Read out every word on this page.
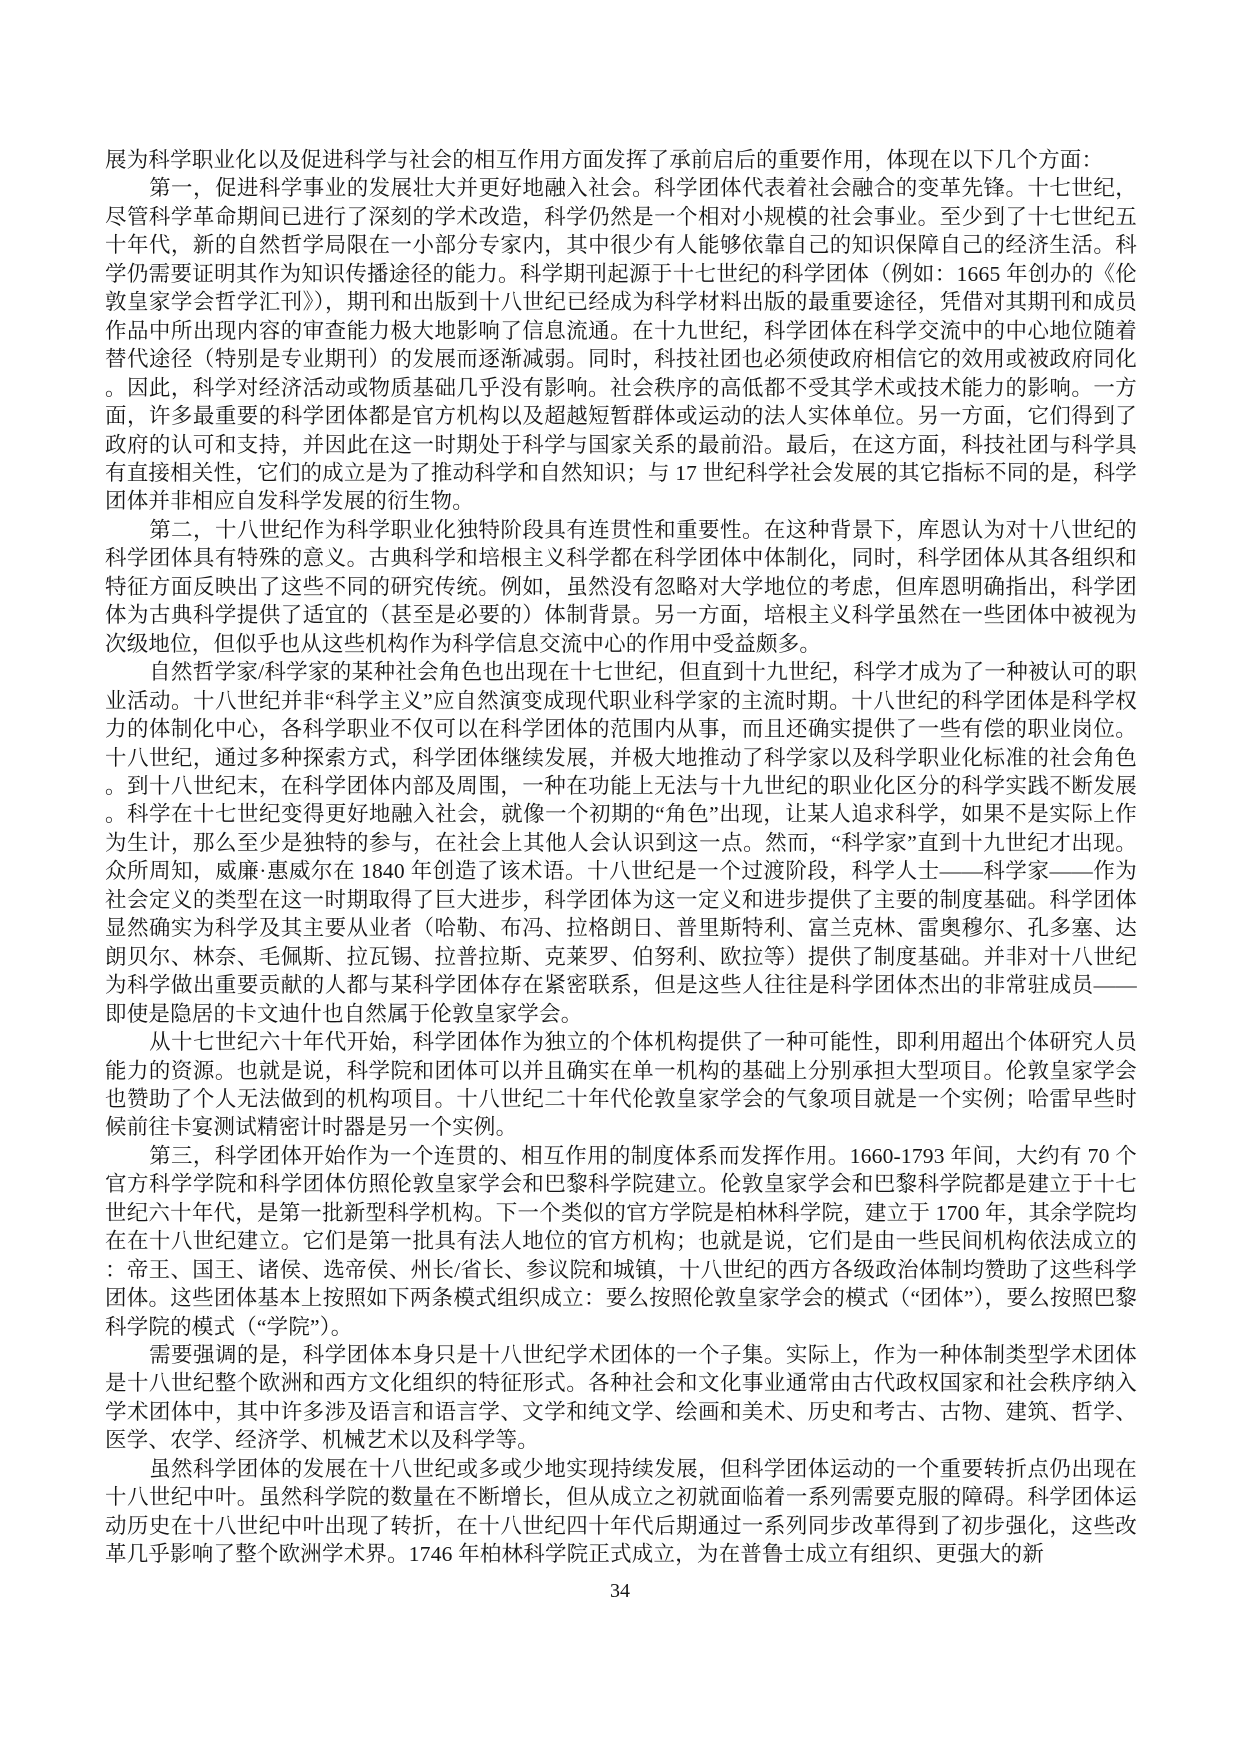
展为科学职业化以及促进科学与社会的相互作用方面发挥了承前启后的重要作用，体现在以下几个方面：

第一，促进科学事业的发展壮大并更好地融入社会。科学团体代表着社会融合的变革先锋。十七世纪，尽管科学革命期间已进行了深刻的学术改造，科学仍然是一个相对小规模的社会事业。至少到了十七世纪五十年代，新的自然哲学局限在一小部分专家内，其中很少有人能够依靠自己的知识保障自己的经济生活。科学仍需要证明其作为知识传播途径的能力。科学期刊起源于十七世纪的科学团体（例如：1665 年创办的《伦敦皇家学会哲学汇刊》），期刊和出版到十八世纪已经成为科学材料出版的最重要途径，凭借对其期刊和成员作品中所出现内容的审查能力极大地影响了信息流通。在十九世纪，科学团体在科学交流中的中心地位随着替代途径（特别是专业期刊）的发展而逐渐减弱。同时，科技社团也必须使政府相信它的效用或被政府同化。因此，科学对经济活动或物质基础几乎没有影响。社会秩序的高低都不受其学术或技术能力的影响。一方面，许多最重要的科学团体都是官方机构以及超越短暂群体或运动的法人实体单位。另一方面，它们得到了政府的认可和支持，并因此在这一时期处于科学与国家关系的最前沿。最后，在这方面，科技社团与科学具有直接相关性，它们的成立是为了推动科学和自然知识；与 17 世纪科学社会发展的其它指标不同的是，科学团体并非相应自发科学发展的衍生物。

第二，十八世纪作为科学职业化独特阶段具有连贯性和重要性。在这种背景下，库恩认为对十八世纪的科学团体具有特殊的意义。古典科学和培根主义科学都在科学团体中体制化，同时，科学团体从其各组织和特征方面反映出了这些不同的研究传统。例如，虽然没有忽略对大学地位的考虑，但库恩明确指出，科学团体为古典科学提供了适宜的（甚至是必要的）体制背景。另一方面，培根主义科学虽然在一些团体中被视为次级地位，但似乎也从这些机构作为科学信息交流中心的作用中受益颇多。

自然哲学家/科学家的某种社会角色也出现在十七世纪，但直到十九世纪，科学才成为了一种被认可的职业活动。十八世纪并非“科学主义”应自然演变成现代职业科学家的主流时期。十八世纪的科学团体是科学权力的体制化中心，各科学职业不仅可以在科学团体的范围内从事，而且还确实提供了一些有偿的职业岗位。十八世纪，通过多种探索方式，科学团体继续发展，并极大地推动了科学家以及科学职业化标准的社会角色。到十八世纪末，在科学团体内部及周围，一种在功能上无法与十九世纪的职业化区分的科学实践不断发展。科学在十七世纪变得更好地融入社会，就像一个初期的“角色”出现，让某人追求科学，如果不是实际上作为生计，那么至少是独特的参与，在社会上其他人会认识到这一点。然而，“科学家”直到十九世纪才出现。众所周知，威廉·惠威尔在 1840 年创造了该术语。十八世纪是一个过渡阶段，科学人士——科学家——作为社会定义的类型在这一时期取得了巨大进步，科学团体为这一定义和进步提供了主要的制度基础。科学团体显然确实为科学及其主要从业者（哈勒、布冯、拉格朗日、普里斯特利、富兰克林、雷奥穆尔、孔多塞、达朗贝尔、林奈、毛佩斯、拉瓦锡、拉普拉斯、克莱罗、伯努利、欧拉等）提供了制度基础。并非对十八世纪为科学做出重要贡献的人都与某科学团体存在紧密联系，但是这些人往往是科学团体杰出的非常驻成员——即使是隐居的卡文迪什也自然属于伦敦皇家学会。

从十七世纪六十年代开始，科学团体作为独立的个体机构提供了一种可能性，即利用超出个体研究人员能力的资源。也就是说，科学院和团体可以并且确实在单一机构的基础上分别承担大型项目。伦敦皇家学会也赞助了个人无法做到的机构项目。十八世纪二十年代伦敦皇家学会的气象项目就是一个实例；哈雷早些时候前往卡宴测试精密计时器是另一个实例。

第三，科学团体开始作为一个连贯的、相互作用的制度体系而发挥作用。1660-1793 年间，大约有 70 个官方科学学院和科学团体仿照伦敦皇家学会和巴黎科学院建立。伦敦皇家学会和巴黎科学院都是建立于十七世纪六十年代，是第一批新型科学机构。下一个类似的官方学院是柏林科学院，建立于 1700 年，其余学院均在在十八世纪建立。它们是第一批具有法人地位的官方机构；也就是说，它们是由一些民间机构依法成立的：帝王、国王、诸侯、选帝侯、州长/省长、参议院和城镇，十八世纪的西方各级政治体制均赞助了这些科学团体。这些团体基本上按照如下两条模式组织成立：要么按照伦敦皇家学会的模式（“团体”），要么按照巴黎科学院的模式（“学院”）。

需要强调的是，科学团体本身只是十八世纪学术团体的一个子集。实际上，作为一种体制类型学术团体是十八世纪整个欧洲和西方文化组织的特征形式。各种社会和文化事业通常由古代政权国家和社会秩序纳入学术团体中，其中许多涉及语言和语言学、文学和纯文学、绘画和美术、历史和考古、古物、建筑、哲学、医学、农学、经济学、机械艺术以及科学等。

虽然科学团体的发展在十八世纪或多或少地实现持续发展，但科学团体运动的一个重要转折点仍出现在十八世纪中叶。虽然科学院的数量在不断增长，但从成立之初就面临着一系列需要克服的障碍。科学团体运动历史在十八世纪中叶出现了转折，在十八世纪四十年代后期通过一系列同步改革得到了初步强化，这些改革几乎影响了整个欧洲学术界。1746 年柏林科学院正式成立，为在普鲁士成立有组织、更强大的新

34
